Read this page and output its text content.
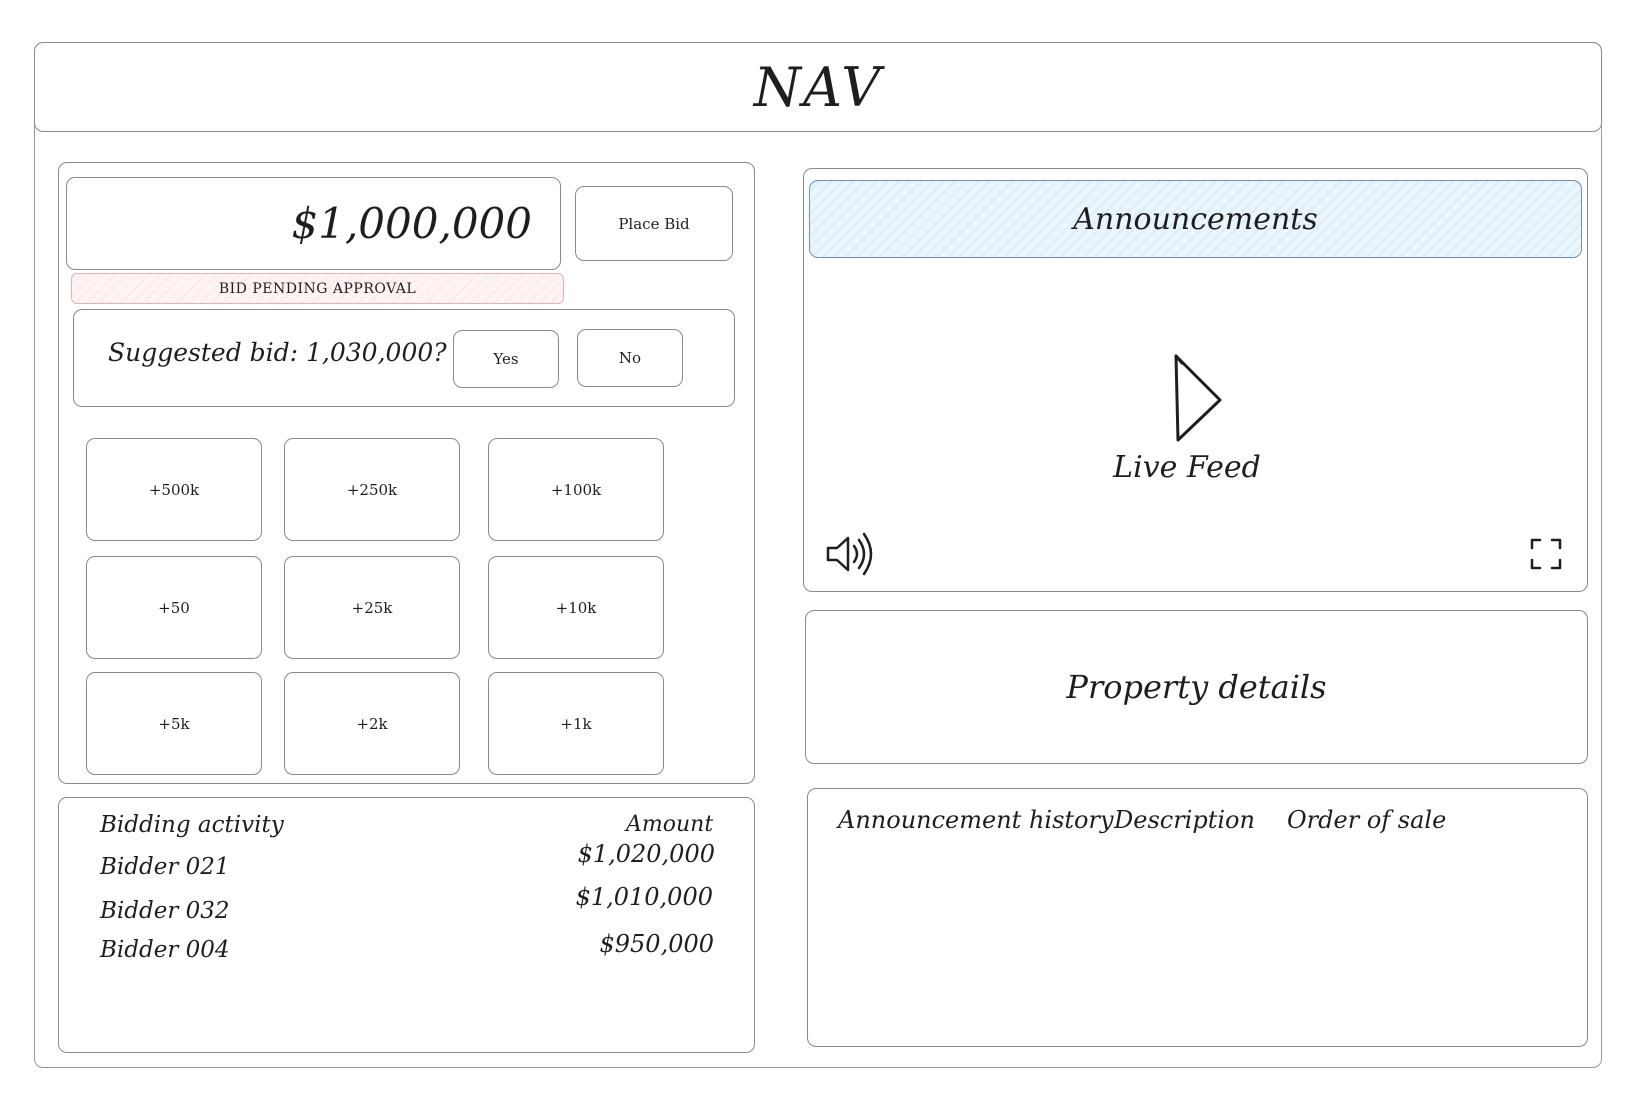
NAV
$1,000,000	Place Bid
BID PENDING APPROVAL
Suggested bid: 1,030,000?	Yes	No
+500k	+250k	+100k
+50	+25k	+10k
+5k	+2k	+1k
Bidding activity	Amount
Bidder 021	$1,020,000
Bidder 032	$1,010,000
Bidder 004	$950,000
Announcements
Live Feed
Property details
Announcement history Description Order of sale
